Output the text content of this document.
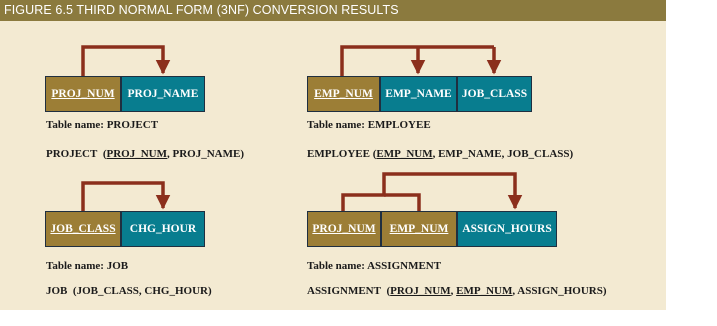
FIGURE 6.5 THIRD NORMAL FORM (3NF) CONVERSION RESULTS
PROJ_NUM	PROJ_NAME
Table name: PROJECT
PROJECT (PROJ_NUM, PROJ_NAME)
EMP_NUM	EMP_NAME JOB_CLASS
Table name: EMPLOYEE
EMPLOYEE (EMP_NUM, EMP_NAME, JOB_CLASS)
JOB_CLASS	CHG_HOUR
Table name: JOB
JOB (JOB_CLASS, CHG_HOUR)
PROJ_NUM	EMP_NUM	ASSIGN_HOURS
Table name: ASSIGNMENT
ASSIGNMENT (PROJ_NUM, EMP_NUM, ASSIGN_HOURS)
